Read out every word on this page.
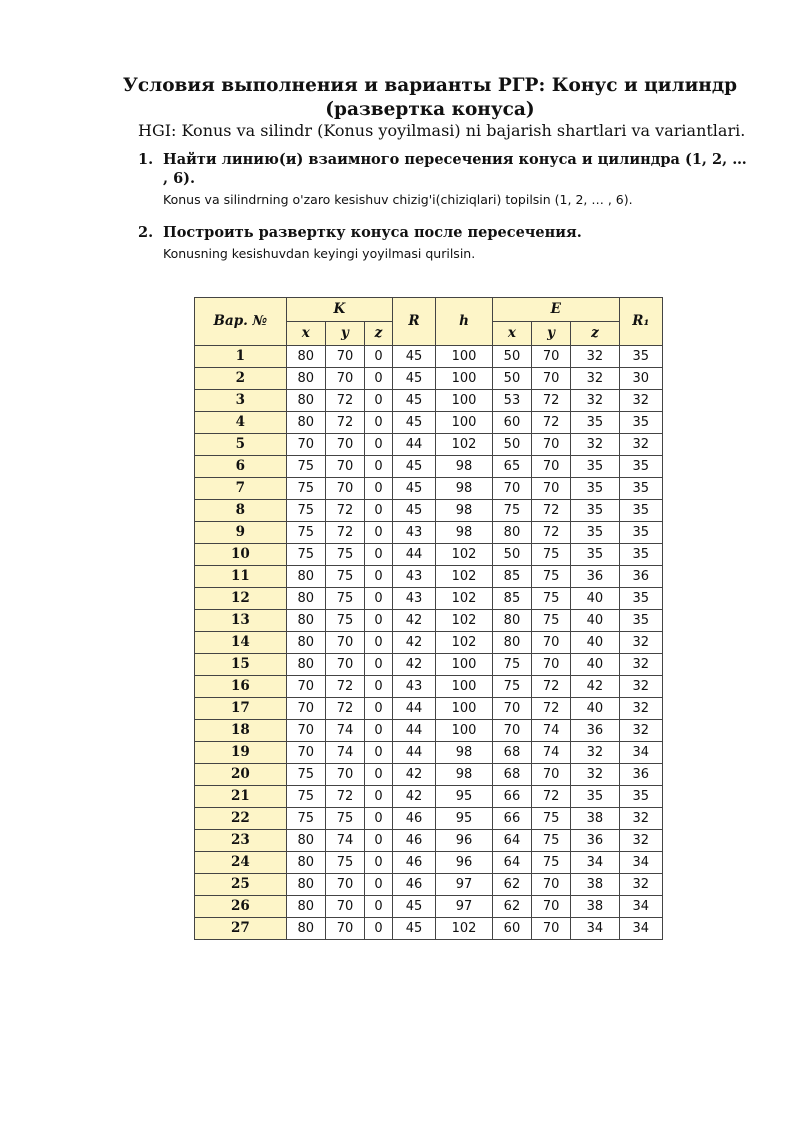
Условия выполнения и варианты РГР: Конус и цилиндр
(развертка конуса)

HGI: Konus va silindr (Konus yoyilmasi) ni bajarish shartlari va variantlari.

1. Найти линию(и) взаимного пересечения конуса и цилиндра (1, 2, … , 6).

Konus va silindrning o'zaro kesishuv chizig'i(chiziqlari) topilsin (1, 2, … , 6).

2. Построить развертку конуса после пересечения.

Konusning kesishuvdan keyingi yoyilmasi qurilsin.

Вар. №	K			R	h	E			R₁
	x	y	z			x	y	z	
1	80	70	0	45	100	50	70	32	35
2	80	70	0	45	100	50	70	32	30
3	80	72	0	45	100	53	72	32	32
4	80	72	0	45	100	60	72	35	35
5	70	70	0	44	102	50	70	32	32
6	75	70	0	45	98	65	70	35	35
7	75	70	0	45	98	70	70	35	35
8	75	72	0	45	98	75	72	35	35
9	75	72	0	43	98	80	72	35	35
10	75	75	0	44	102	50	75	35	35
11	80	75	0	43	102	85	75	36	36
12	80	75	0	43	102	85	75	40	35
13	80	75	0	42	102	80	75	40	35
14	80	70	0	42	102	80	70	40	32
15	80	70	0	42	100	75	70	40	32
16	70	72	0	43	100	75	72	42	32
17	70	72	0	44	100	70	72	40	32
18	70	74	0	44	100	70	74	36	32
19	70	74	0	44	98	68	74	32	34
20	75	70	0	42	98	68	70	32	36
21	75	72	0	42	95	66	72	35	35
22	75	75	0	46	95	66	75	38	32
23	80	74	0	46	96	64	75	36	32
24	80	75	0	46	96	64	75	34	34
25	80	70	0	46	97	62	70	38	32
26	80	70	0	45	97	62	70	38	34
27	80	70	0	45	102	60	70	34	34
